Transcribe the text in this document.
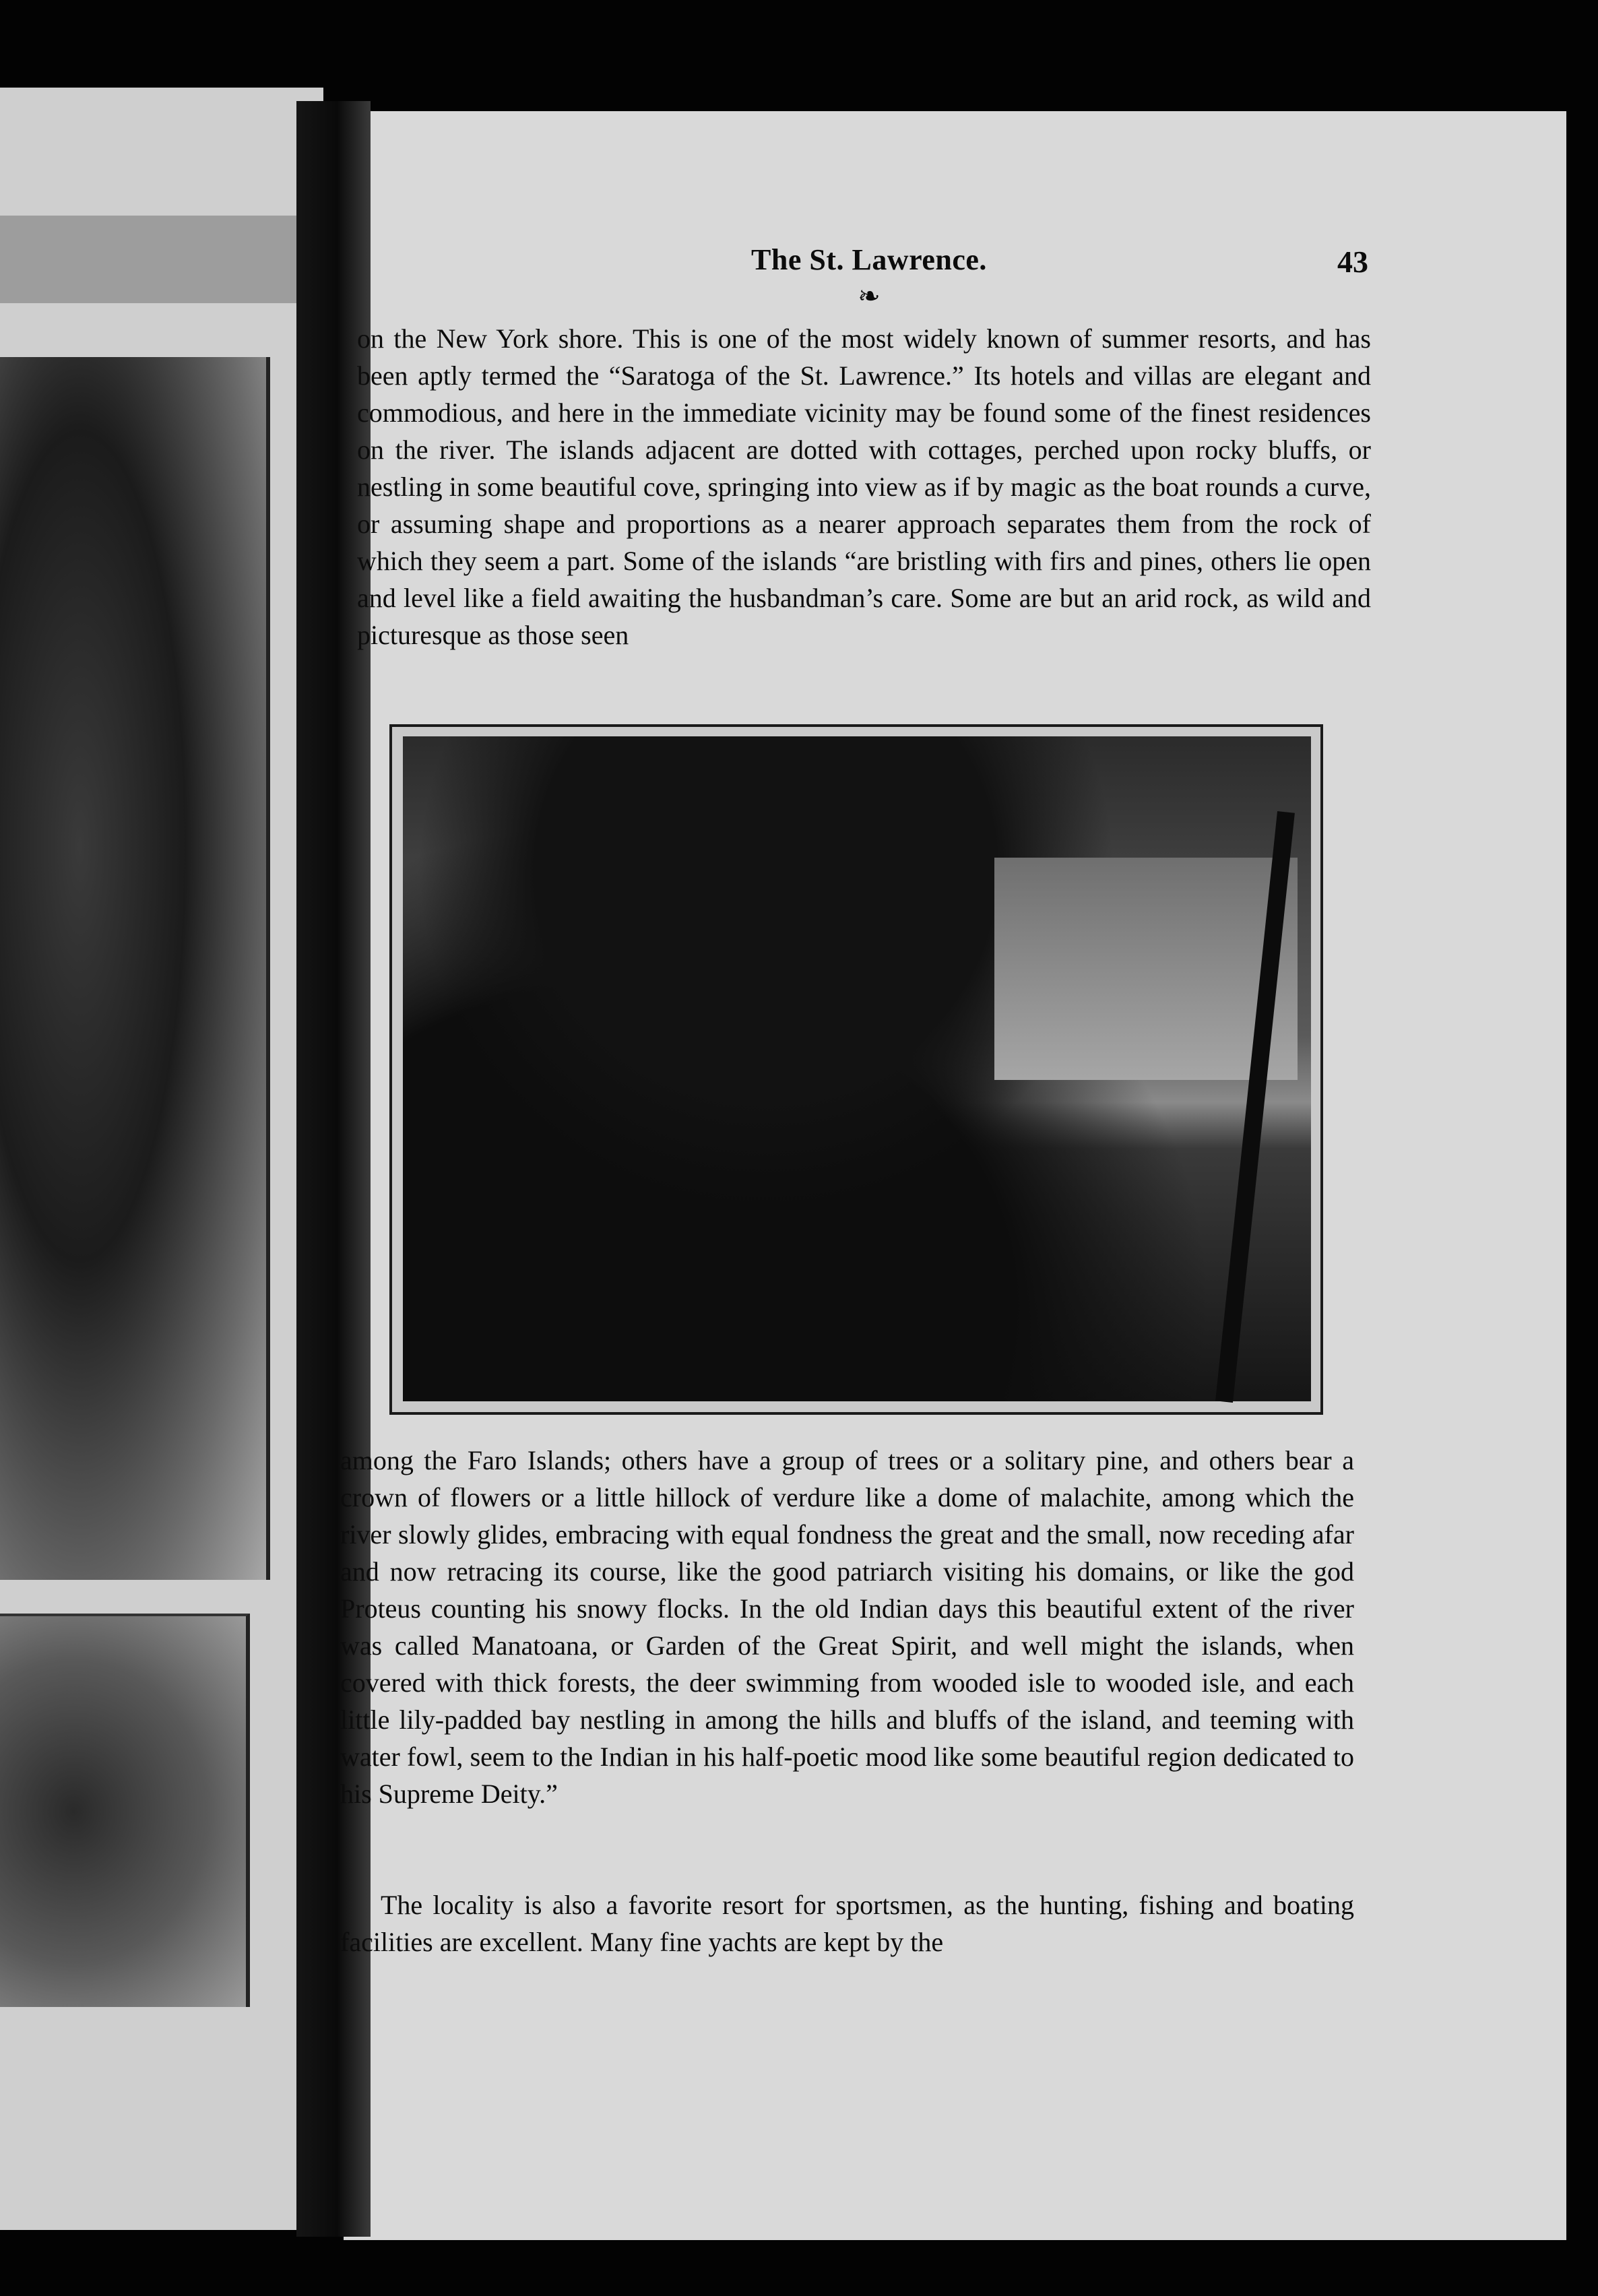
The St. Lawrence.	43
❧

on the New York shore. This is one of the most widely known of summer resorts, and has been aptly termed the “Saratoga of the St. Lawrence.” Its hotels and villas are elegant and commodious, and here in the immediate vicinity may be found some of the finest residences on the river. The islands adjacent are dotted with cottages, perched upon rocky bluffs, or nestling in some beautiful cove, springing into view as if by magic as the boat rounds a curve, or assuming shape and proportions as a nearer approach separates them from the rock of which they seem a part. Some of the islands “are bristling with firs and pines, others lie open and level like a field awaiting the husbandman’s care. Some are but an arid rock, as wild and picturesque as those seen

among the Faro Islands; others have a group of trees or a solitary pine, and others bear a crown of flowers or a little hillock of verdure like a dome of malachite, among which the river slowly glides, embracing with equal fondness the great and the small, now receding afar and now retracing its course, like the good patriarch visiting his domains, or like the god Proteus counting his snowy flocks. In the old Indian days this beautiful extent of the river was called Manatoana, or Garden of the Great Spirit, and well might the islands, when covered with thick forests, the deer swimming from wooded isle to wooded isle, and each little lily-padded bay nestling in among the hills and bluffs of the island, and teeming with water fowl, seem to the Indian in his half-poetic mood like some beautiful region dedicated to his Supreme Deity.”

The locality is also a favorite resort for sportsmen, as the hunting, fishing and boating facilities are excellent. Many fine yachts are kept by the
